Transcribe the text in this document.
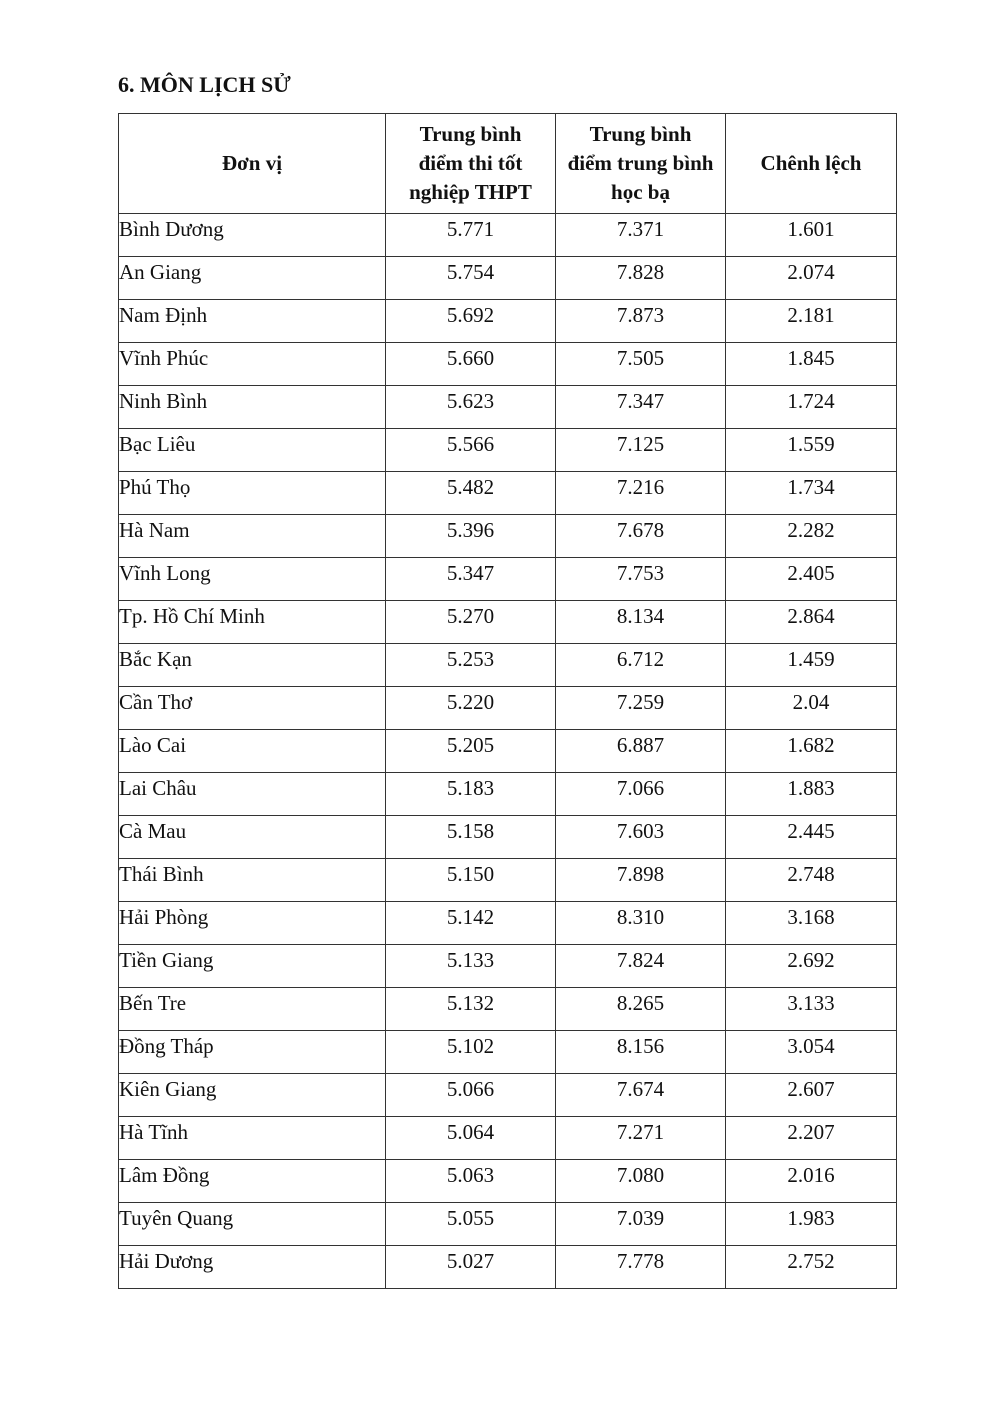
6. MÔN LỊCH SỬ
Đơn vị	Trung bình điểm thi tốt nghiệp THPT	Trung bình điểm trung bình học bạ	Chênh lệch
Bình Dương	5.771	7.371	1.601
An Giang	5.754	7.828	2.074
Nam Định	5.692	7.873	2.181
Vĩnh Phúc	5.660	7.505	1.845
Ninh Bình	5.623	7.347	1.724
Bạc Liêu	5.566	7.125	1.559
Phú Thọ	5.482	7.216	1.734
Hà Nam	5.396	7.678	2.282
Vĩnh Long	5.347	7.753	2.405
Tp. Hồ Chí Minh	5.270	8.134	2.864
Bắc Kạn	5.253	6.712	1.459
Cần Thơ	5.220	7.259	2.04
Lào Cai	5.205	6.887	1.682
Lai Châu	5.183	7.066	1.883
Cà Mau	5.158	7.603	2.445
Thái Bình	5.150	7.898	2.748
Hải Phòng	5.142	8.310	3.168
Tiền Giang	5.133	7.824	2.692
Bến Tre	5.132	8.265	3.133
Đồng Tháp	5.102	8.156	3.054
Kiên Giang	5.066	7.674	2.607
Hà Tĩnh	5.064	7.271	2.207
Lâm Đồng	5.063	7.080	2.016
Tuyên Quang	5.055	7.039	1.983
Hải Dương	5.027	7.778	2.752
